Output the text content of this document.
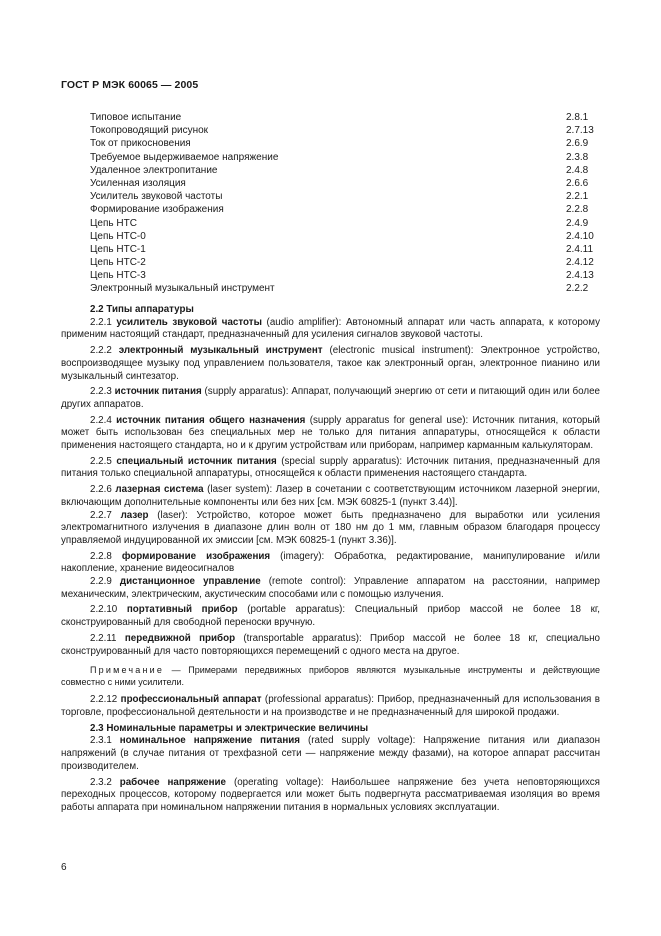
ГОСТ Р МЭК 60065 — 2005
Типовое испытание	2.8.1
Токопроводящий рисунок	2.7.13
Ток от прикосновения	2.6.9
Требуемое выдерживаемое напряжение	2.3.8
Удаленное электропитание	2.4.8
Усиленная изоляция	2.6.6
Усилитель звуковой частоты	2.2.1
Формирование изображения	2.2.8
Цепь НТС	2.4.9
Цепь НТС-0	2.4.10
Цепь НТС-1	2.4.11
Цепь НТС-2	2.4.12
Цепь НТС-3	2.4.13
Электронный музыкальный инструмент	2.2.2
2.2 Типы аппаратуры

2.2.1 усилитель звуковой частоты (audio amplifier): Автономный аппарат или часть аппарата, к которому применим настоящий стандарт, предназначенный для усиления сигналов звуковой частоты.

2.2.2 электронный музыкальный инструмент (electronic musical instrument): Электронное устройство, воспроизводящее музыку под управлением пользователя, такое как электронный орган, электронное пианино или музыкальный синтезатор.

2.2.3 источник питания (supply apparatus): Аппарат, получающий энергию от сети и питающий один или более других аппаратов.

2.2.4 источник питания общего назначения (supply apparatus for general use): Источник питания, который может быть использован без специальных мер не только для питания аппаратуры, относящейся к области применения настоящего стандарта, но и к другим устройствам или приборам, например карманным калькуляторам.

2.2.5 специальный источник питания (special supply apparatus): Источник питания, предназначенный для питания только специальной аппаратуры, относящейся к области применения настоящего стандарта.

2.2.6 лазерная система (laser system): Лазер в сочетании с соответствующим источником лазерной энергии, включающим дополнительные компоненты или без них [см. МЭК 60825-1 (пункт 3.44)].

2.2.7 лазер (laser): Устройство, которое может быть предназначено для выработки или усиления электромагнитного излучения в диапазоне длин волн от 180 нм до 1 мм, главным образом благодаря процессу управляемой индуцированной их эмиссии [см. МЭК 60825-1 (пункт 3.36)].

2.2.8 формирование изображения (imagery): Обработка, редактирование, манипулирование и/или накопление, хранение видеосигналов

2.2.9 дистанционное управление (remote control): Управление аппаратом на расстоянии, например механическим, электрическим, акустическим способами или с помощью излучения.

2.2.10 портативный прибор (portable apparatus): Специальный прибор массой не более 18 кг, сконструированный для свободной переноски вручную.

2.2.11 передвижной прибор (transportable apparatus): Прибор массой не более 18 кг, специально сконструированный для часто повторяющихся перемещений с одного места на другое.

Примечание — Примерами передвижных приборов являются музыкальные инструменты и действующие совместно с ними усилители.

2.2.12 профессиональный аппарат (professional apparatus): Прибор, предназначенный для использования в торговле, профессиональной деятельности и на производстве и не предназначенный для широкой продажи.

2.3 Номинальные параметры и электрические величины

2.3.1 номинальное напряжение питания (rated supply voltage): Напряжение питания или диапазон напряжений (в случае питания от трехфазной сети — напряжение между фазами), на которое аппарат рассчитан производителем.

2.3.2 рабочее напряжение (operating voltage): Наибольшее напряжение без учета неповторяющихся переходных процессов, которому подвергается или может быть подвергнута рассматриваемая изоляция во время работы аппарата при номинальном напряжении питания в нормальных условиях эксплуатации.

6
